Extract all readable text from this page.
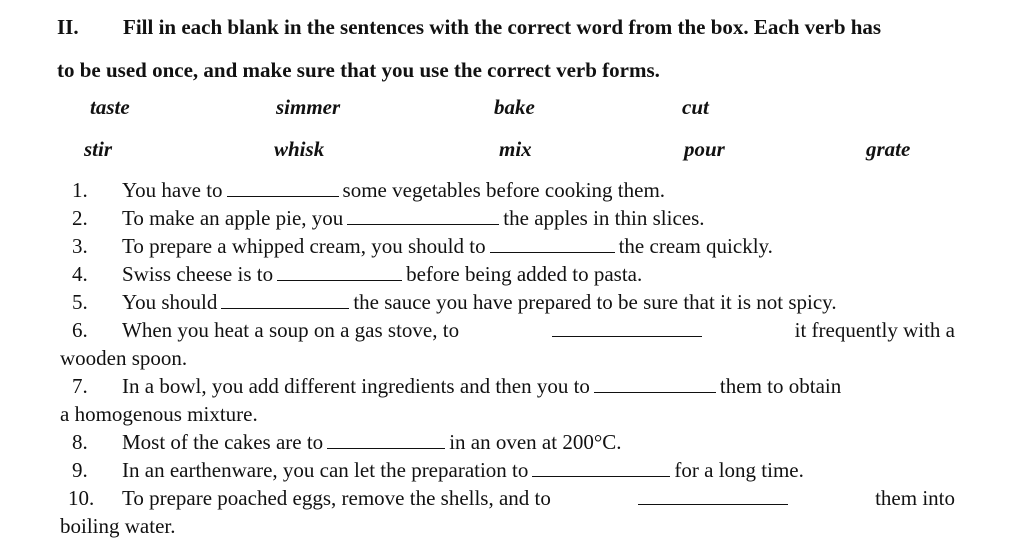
II. Fill in each blank in the sentences with the correct word from the box. Each verb has
to be used once, and make sure that you use the correct verb forms.
taste	simmer	bake	cut
stir	whisk	mix	pour	grate
1.	You have to	some vegetables before cooking them.
2.	To make an apple pie, you	the apples in thin slices.
3.	To prepare a whipped cream, you should to	the cream quickly.
4.	Swiss cheese is to	before being added to pasta.
5.	You should	the sauce you have prepared to be sure that it is not spicy.
6. When you heat a soup on a gas stove, to	it frequently with a
wooden spoon.
7.	In a bowl, you add different ingredients and then you to	them to obtain
a homogenous mixture.
8.	Most of the cakes are to	in an oven at 200°C.
9.	In an earthenware, you can let the preparation to	for a long time.
10. To prepare poached eggs, remove the shells, and to	them into
boiling water.
